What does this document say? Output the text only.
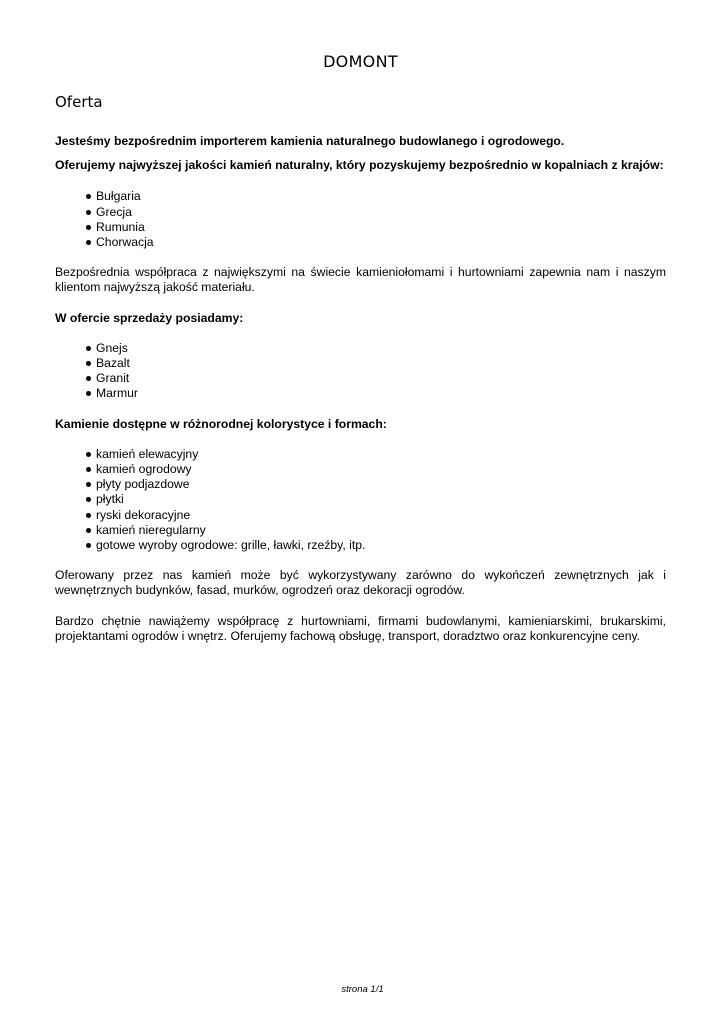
DOMONT
Oferta

Jesteśmy bezpośrednim importerem kamienia naturalnego budowlanego i ogrodowego.

Oferujemy najwyższej jakości kamień naturalny, który pozyskujemy bezpośrednio w kopalniach z krajów:

Bułgaria
Grecja
Rumunia
Chorwacja

Bezpośrednia współpraca z największymi na świecie kamieniołomami i hurtowniami zapewnia nam i naszym klientom najwyższą jakość materiału.

W ofercie sprzedaży posiadamy:

Gnejs
Bazalt
Granit
Marmur

Kamienie dostępne w różnorodnej kolorystyce i formach:

kamień elewacyjny
kamień ogrodowy
płyty podjazdowe
płytki
ryski dekoracyjne
kamień nieregularny
gotowe wyroby ogrodowe: grille, ławki, rzeźby, itp.

Oferowany przez nas kamień może być wykorzystywany zarówno do wykończeń zewnętrznych jak i wewnętrznych budynków, fasad, murków, ogrodzeń oraz dekoracji ogrodów.

Bardzo chętnie nawiążemy współpracę z hurtowniami, firmami budowlanymi, kamieniarskimi, brukarskimi, projektantami ogrodów i wnętrz. Oferujemy fachową obsługę, transport, doradztwo oraz konkurencyjne ceny.

strona 1/1
